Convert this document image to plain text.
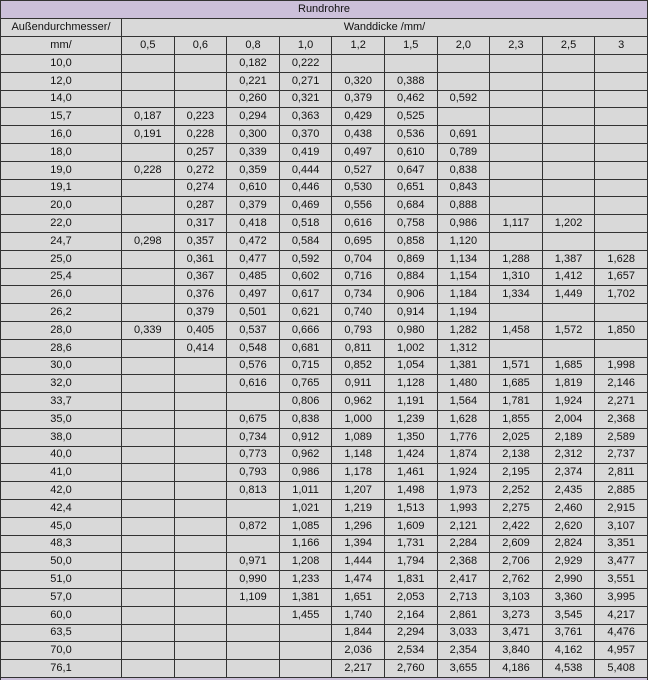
Rundrohre										
Außendurchmesser/	Wanddicke /mm/									
mm/	0,5	0,6	0,8	1,0	1,2	1,5	2,0	2,3	2,5	3
10,0			0,182	0,222						
12,0			0,221	0,271	0,320	0,388				
14,0			0,260	0,321	0,379	0,462	0,592			
15,7	0,187	0,223	0,294	0,363	0,429	0,525				
16,0	0,191	0,228	0,300	0,370	0,438	0,536	0,691			
18,0		0,257	0,339	0,419	0,497	0,610	0,789			
19,0	0,228	0,272	0,359	0,444	0,527	0,647	0,838			
19,1		0,274	0,610	0,446	0,530	0,651	0,843			
20,0		0,287	0,379	0,469	0,556	0,684	0,888			
22,0		0,317	0,418	0,518	0,616	0,758	0,986	1,117	1,202	
24,7	0,298	0,357	0,472	0,584	0,695	0,858	1,120			
25,0		0,361	0,477	0,592	0,704	0,869	1,134	1,288	1,387	1,628
25,4		0,367	0,485	0,602	0,716	0,884	1,154	1,310	1,412	1,657
26,0		0,376	0,497	0,617	0,734	0,906	1,184	1,334	1,449	1,702
26,2		0,379	0,501	0,621	0,740	0,914	1,194			
28,0	0,339	0,405	0,537	0,666	0,793	0,980	1,282	1,458	1,572	1,850
28,6		0,414	0,548	0,681	0,811	1,002	1,312			
30,0			0,576	0,715	0,852	1,054	1,381	1,571	1,685	1,998
32,0			0,616	0,765	0,911	1,128	1,480	1,685	1,819	2,146
33,7				0,806	0,962	1,191	1,564	1,781	1,924	2,271
35,0			0,675	0,838	1,000	1,239	1,628	1,855	2,004	2,368
38,0			0,734	0,912	1,089	1,350	1,776	2,025	2,189	2,589
40,0			0,773	0,962	1,148	1,424	1,874	2,138	2,312	2,737
41,0			0,793	0,986	1,178	1,461	1,924	2,195	2,374	2,811
42,0			0,813	1,011	1,207	1,498	1,973	2,252	2,435	2,885
42,4				1,021	1,219	1,513	1,993	2,275	2,460	2,915
45,0			0,872	1,085	1,296	1,609	2,121	2,422	2,620	3,107
48,3				1,166	1,394	1,731	2,284	2,609	2,824	3,351
50,0			0,971	1,208	1,444	1,794	2,368	2,706	2,929	3,477
51,0			0,990	1,233	1,474	1,831	2,417	2,762	2,990	3,551
57,0			1,109	1,381	1,651	2,053	2,713	3,103	3,360	3,995
60,0				1,455	1,740	2,164	2,861	3,273	3,545	4,217
63,5					1,844	2,294	3,033	3,471	3,761	4,476
70,0					2,036	2,534	2,354	3,840	4,162	4,957
76,1					2,217	2,760	3,655	4,186	4,538	5,408
